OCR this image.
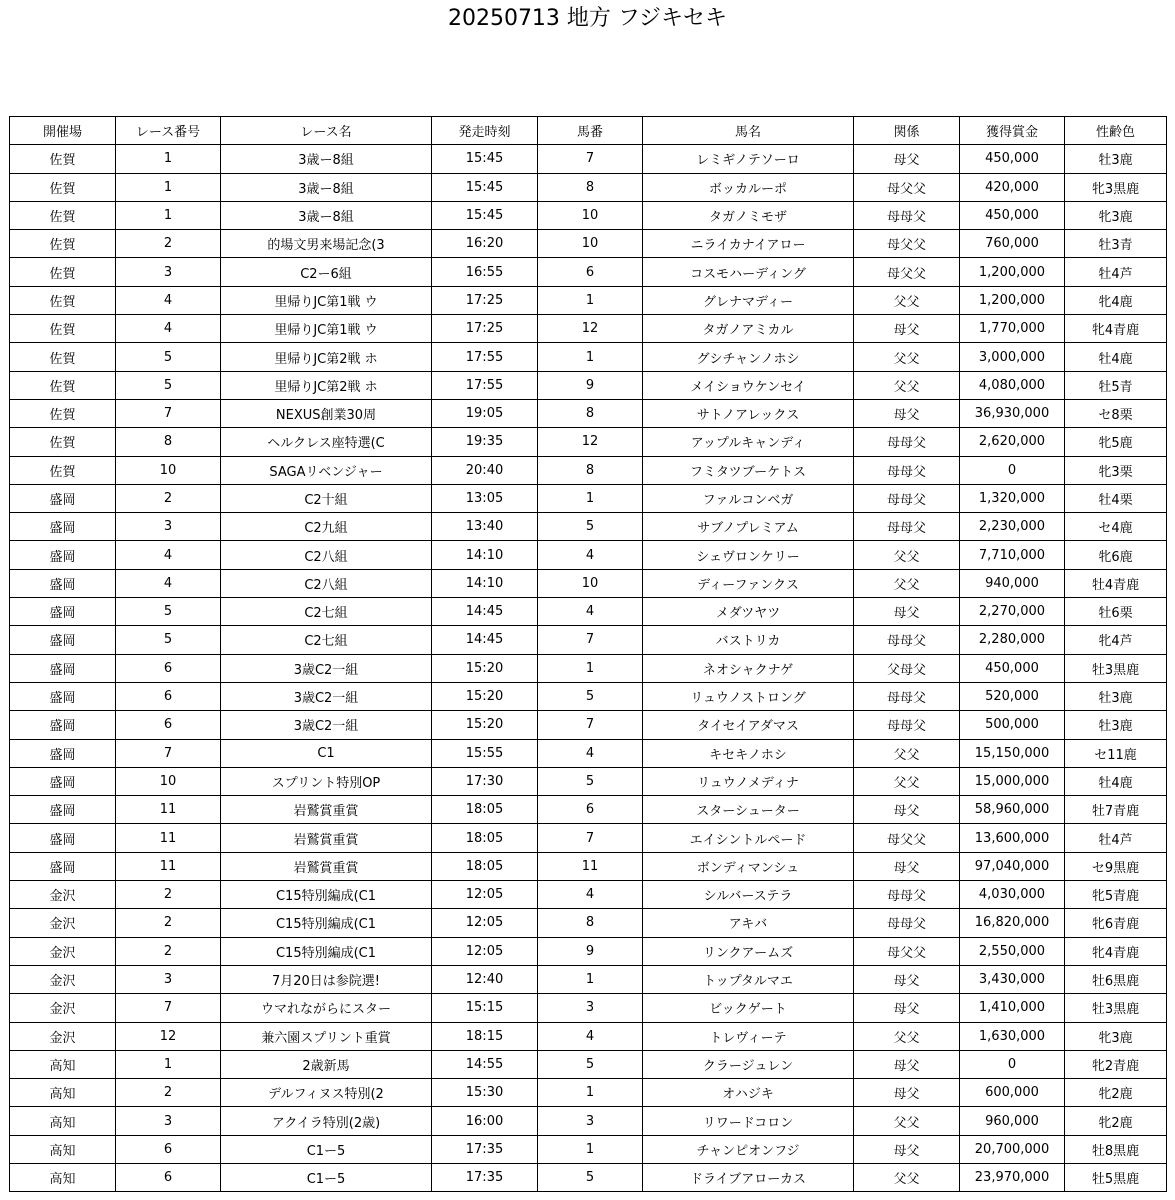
20250713 地方 フジキセキ
開催場	レース番号	レース名	発走時刻	馬番	馬名	関係	獲得賞金	性齢色
佐賀	1	3歳ー8組	15:45	7	レミギノテソーロ	母父	450,000	牡3鹿
佐賀	1	3歳ー8組	15:45	8	ボッカルーポ	母父父	420,000	牝3黒鹿
佐賀	1	3歳ー8組	15:45	10	タガノミモザ	母母父	450,000	牝3鹿
佐賀	2	的場文男来場記念(3	16:20	10	ニライカナイアロー	母父父	760,000	牡3青
佐賀	3	C2ー6組	16:55	6	コスモハーディング	母父父	1,200,000	牡4芦
佐賀	4	里帰りJC第1戦 ウ	17:25	1	グレナマディー	父父	1,200,000	牝4鹿
佐賀	4	里帰りJC第1戦 ウ	17:25	12	タガノアミカル	母父	1,770,000	牝4青鹿
佐賀	5	里帰りJC第2戦 ホ	17:55	1	グシチャンノホシ	父父	3,000,000	牡4鹿
佐賀	5	里帰りJC第2戦 ホ	17:55	9	メイショウケンセイ	父父	4,080,000	牡5青
佐賀	7	NEXUS創業30周	19:05	8	サトノアレックス	母父	36,930,000	セ8栗
佐賀	8	ヘルクレス座特選(C	19:35	12	アップルキャンディ	母母父	2,620,000	牝5鹿
佐賀	10	SAGAリベンジャー	20:40	8	フミタツブーケトス	母母父	0	牝3栗
盛岡	2	C2十組	13:05	1	ファルコンベガ	母母父	1,320,000	牡4栗
盛岡	3	C2九組	13:40	5	サブノプレミアム	母母父	2,230,000	セ4鹿
盛岡	4	C2八組	14:10	4	シェヴロンケリー	父父	7,710,000	牝6鹿
盛岡	4	C2八組	14:10	10	ディーファンクス	父父	940,000	牡4青鹿
盛岡	5	C2七組	14:45	4	メダツヤツ	母父	2,270,000	牡6栗
盛岡	5	C2七組	14:45	7	バストリカ	母母父	2,280,000	牝4芦
盛岡	6	3歳C2一組	15:20	1	ネオシャクナゲ	父母父	450,000	牡3黒鹿
盛岡	6	3歳C2一組	15:20	5	リュウノストロング	母母父	520,000	牡3鹿
盛岡	6	3歳C2一組	15:20	7	タイセイアダマス	母母父	500,000	牡3鹿
盛岡	7	C1	15:55	4	キセキノホシ	父父	15,150,000	セ11鹿
盛岡	10	スプリント特別OP	17:30	5	リュウノメディナ	父父	15,000,000	牡4鹿
盛岡	11	岩鷲賞重賞	18:05	6	スターシューター	母父	58,960,000	牡7青鹿
盛岡	11	岩鷲賞重賞	18:05	7	エイシントルペード	母父父	13,600,000	牡4芦
盛岡	11	岩鷲賞重賞	18:05	11	ボンディマンシュ	母父	97,040,000	セ9黒鹿
金沢	2	C15特別編成(C1	12:05	4	シルバーステラ	母母父	4,030,000	牝5青鹿
金沢	2	C15特別編成(C1	12:05	8	アキバ	母母父	16,820,000	牝6青鹿
金沢	2	C15特別編成(C1	12:05	9	リンクアームズ	母父父	2,550,000	牝4青鹿
金沢	3	7月20日は参院選!	12:40	1	トップタルマエ	母父	3,430,000	牡6黒鹿
金沢	7	ウマれながらにスター	15:15	3	ビックゲート	母父	1,410,000	牡3黒鹿
金沢	12	兼六園スプリント重賞	18:15	4	トレヴィーテ	父父	1,630,000	牝3鹿
高知	1	2歳新馬	14:55	5	クラージュレン	母父	0	牝2青鹿
高知	2	デルフィヌス特別(2	15:30	1	オハジキ	母父	600,000	牝2鹿
高知	3	アクイラ特別(2歳)	16:00	3	リワードコロン	父父	960,000	牝2鹿
高知	6	C1ー5	17:35	1	チャンピオンフジ	母父	20,700,000	牡8黒鹿
高知	6	C1ー5	17:35	5	ドライブアローカス	父父	23,970,000	牡5黒鹿
